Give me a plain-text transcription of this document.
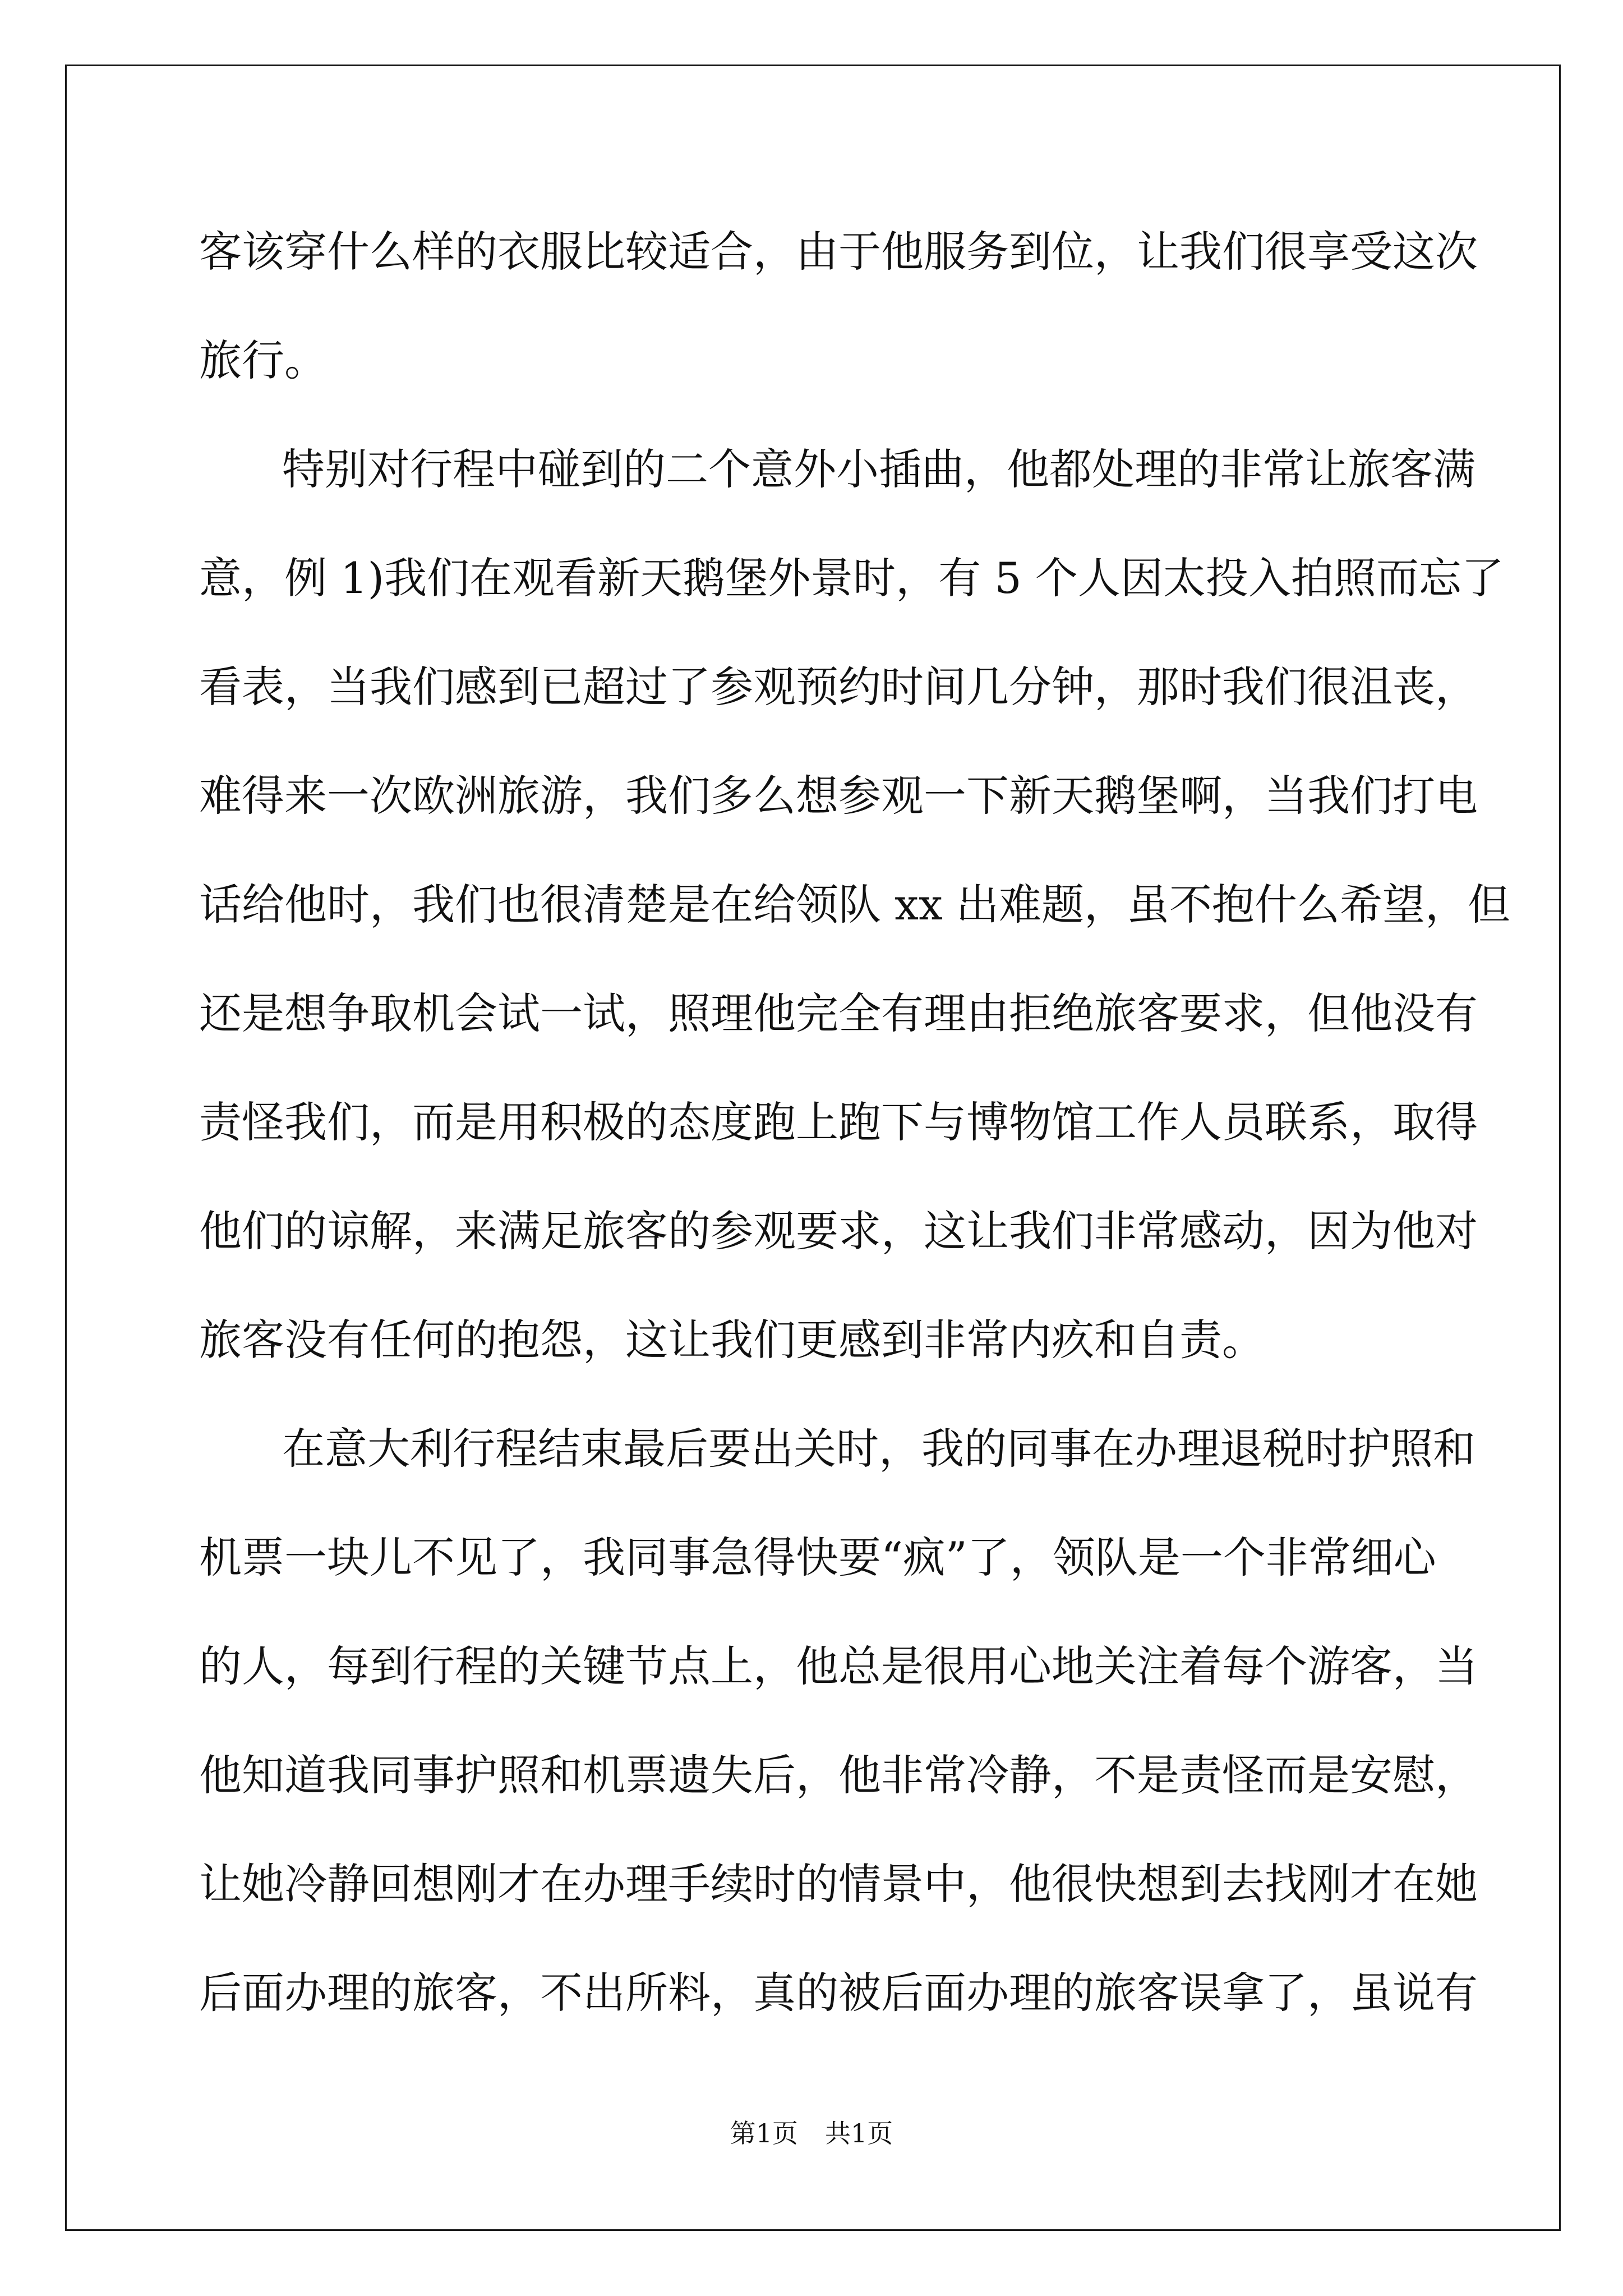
客该穿什么样的衣服比较适合，由于他服务到位，让我们很享受这次
旅行。
特别对行程中碰到的二个意外小插曲，他都处理的非常让旅客满
意，例 1)我们在观看新天鹅堡外景时，有 5 个人因太投入拍照而忘了
看表，当我们感到已超过了参观预约时间几分钟，那时我们很沮丧，
难得来一次欧洲旅游，我们多么想参观一下新天鹅堡啊，当我们打电
话给他时，我们也很清楚是在给领队 xx 出难题，虽不抱什么希望，但
还是想争取机会试一试，照理他完全有理由拒绝旅客要求，但他没有
责怪我们，而是用积极的态度跑上跑下与博物馆工作人员联系，取得
他们的谅解，来满足旅客的参观要求，这让我们非常感动，因为他对
旅客没有任何的抱怨，这让我们更感到非常内疚和自责。
在意大利行程结束最后要出关时，我的同事在办理退税时护照和
机票一块儿不见了，我同事急得快要“疯”了，领队是一个非常细心
的人，每到行程的关键节点上，他总是很用心地关注着每个游客，当
他知道我同事护照和机票遗失后，他非常冷静，不是责怪而是安慰，
让她冷静回想刚才在办理手续时的情景中，他很快想到去找刚才在她
后面办理的旅客，不出所料，真的被后面办理的旅客误拿了，虽说有
第1页 共1页
